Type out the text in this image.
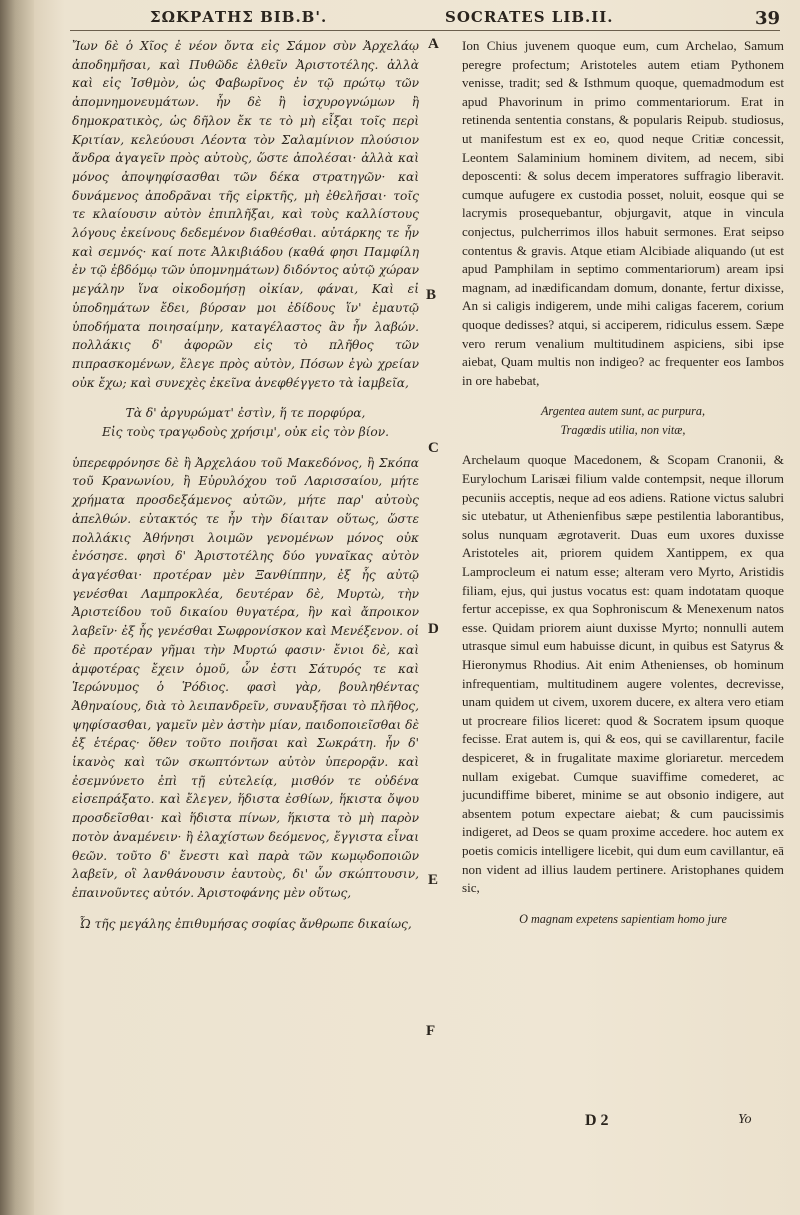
ΣΩΚΡΑΤΗΣ ΒΙΒ.Β'.	SOCRATES LIB.II.	39

Ἴων δὲ ὁ Χῖος ἐ νέον ὄντα εἰς Σάμον σὺν Ἀρχελάῳ ἀποδημῆσαι, καὶ Πυθῶδε ἐλθεῖν Ἀριστοτέλης. ἀλλὰ καὶ εἰς Ἰσθμὸν, ὡς Φαβωρῖνος ἐν τῷ πρώτῳ τῶν ἀπομνημονευμάτων. ἦν δὲ ἢ ἰσχυρογνώμων ἢ δημοκρατικὸς, ὡς δῆλον ἔκ τε τὸ μὴ εἶξαι τοῖς περὶ Κριτίαν, κελεύουσι Λέοντα τὸν Σαλαμίνιον πλούσιον ἄνδρα ἀγαγεῖν πρὸς αὐτοὺς, ὥστε ἀπολέσαι· ἀλλὰ καὶ μόνος ἀποψηφίσασθαι τῶν δέκα στρατηγῶν· καὶ δυνάμενος ἀποδρᾶναι τῆς εἱρκτῆς, μὴ ἐθελῆσαι· τοῖς τε κλαίουσιν αὐτὸν ἐπιπλῆξαι, καὶ τοὺς καλλίστους λόγους ἐκείνους δεδεμένον διαθέσθαι. αὐτάρκης τε ἦν καὶ σεμνός· καί ποτε Ἀλκιβιάδου (καθά φησι Παμφίλη ἐν τῷ ἑβδόμῳ τῶν ὑπομνημάτων) διδόντος αὐτῷ χώραν μεγάλην ἵνα οἰκοδομήσῃ οἰκίαν, φάναι, Καὶ εἰ ὑποδημάτων ἔδει, βύρσαν μοι ἐδίδους ἵν' ἐμαυτῷ ὑποδήματα ποιησαίμην, καταγέλαστος ἂν ἦν λαβών. πολλάκις δ' ἀφορῶν εἰς τὸ πλῆθος τῶν πιπρασκομένων, ἔλεγε πρὸς αὐτὸν, Πόσων ἐγὼ χρείαν οὐκ ἔχω; καὶ συνεχὲς ἐκεῖνα ἀνεφθέγγετο τὰ ἰαμβεῖα,

Τὰ δ' ἀργυρώματ' ἐστὶν, ἥ τε πορφύρα,

Εἰς τοὺς τραγῳδοὺς χρήσιμ', οὐκ εἰς τὸν βίον.

ὑπερεφρόνησε δὲ ἢ Ἀρχελάου τοῦ Μακεδόνος, ἢ Σκόπα τοῦ Κρανωνίου, ἢ Εὐρυλόχου τοῦ Λαρισσαίου, μήτε χρήματα προσδεξάμενος αὐτῶν, μήτε παρ' αὐτοὺς ἀπελθών. εὐτακτός τε ἦν τὴν δίαιταν οὕτως, ὥστε πολλάκις Ἀθήνησι λοιμῶν γενομένων μόνος οὐκ ἐνόσησε. φησὶ δ' Ἀριστοτέλης δύο γυναῖκας αὐτὸν ἀγαγέσθαι· προτέραν μὲν Ξανθίππην, ἐξ ἧς αὐτῷ γενέσθαι Λαμπροκλέα, δευτέραν δὲ, Μυρτὼ, τὴν Ἀριστείδου τοῦ δικαίου θυγατέρα, ἣν καὶ ἄπροικον λαβεῖν· ἐξ ἧς γενέσθαι Σωφρονίσκον καὶ Μενέξενον. οἱ δὲ προτέραν γῆμαι τὴν Μυρτώ φασιν· ἔνιοι δὲ, καὶ ἀμφοτέρας ἔχειν ὁμοῦ, ὧν ἐστι Σάτυρός τε καὶ Ἱερώνυμος ὁ Ῥόδιος. φασὶ γὰρ, βουληθέντας Ἀθηναίους, διὰ τὸ λειπανδρεῖν, συναυξῆσαι τὸ πλῆθος, ψηφίσασθαι, γαμεῖν μὲν ἀστὴν μίαν, παιδοποιεῖσθαι δὲ ἐξ ἑτέρας· ὅθεν τοῦτο ποιῆσαι καὶ Σωκράτη. ἦν δ' ἱκανὸς καὶ τῶν σκωπτόντων αὐτὸν ὑπερορᾷν. καὶ ἐσεμνύνετο ἐπὶ τῇ εὐτελείᾳ, μισθόν τε οὐδένα εἰσεπράξατο. καὶ ἔλεγεν, ἥδιστα ἐσθίων, ἥκιστα ὄψου προσδεῖσθαι· καὶ ἥδιστα πίνων, ἥκιστα τὸ μὴ παρὸν ποτὸν ἀναμένειν· ἢ ἐλαχίστων δεόμενος, ἔγγιστα εἶναι θεῶν. τοῦτο δ' ἔνεστι καὶ παρὰ τῶν κωμῳδοποιῶν λαβεῖν, οἳ λανθάνουσιν ἑαυτοὺς, δι' ὧν σκώπτουσιν, ἐπαινοῦντες αὐτόν. Ἀριστοφάνης μὲν οὕτως,

Ὦ τῆς μεγάλης ἐπιθυμήσας σοφίας ἄνθρωπε δικαίως,

Ion Chius juvenem quoque eum, cum Archelao, Samum peregre profectum; Aristoteles autem etiam Pythonem venisse, tradit; sed & Isthmum quoque, quemadmodum est apud Phavorinum in primo commentariorum. Erat in retinenda sententia constans, & popularis Reipub. studiosus, ut manifestum est ex eo, quod neque Critiæ concessit, Leontem Salaminium hominem divitem, ad necem, sibi deposcenti: & solus decem imperatores suffragio liberavit. cumque aufugere ex custodia posset, noluit, eosque qui se lacrymis prosequebantur, objurgavit, atque in vincula conjectus, pulcherrimos illos habuit sermones. Erat seipso contentus & gravis. Atque etiam Alcibiade aliquando (ut est apud Pamphilam in septimo commentariorum) aream ipsi magnam, ad inædificandam domum, donante, fertur dixisse, An si caligis indigerem, unde mihi caligas facerem, corium quoque dedisses? atqui, si acciperem, ridiculus essem. Sæpe vero rerum venalium multitudinem aspiciens, sibi ipse aiebat, Quam multis non indigeo? ac frequenter eos Iambos in ore habebat,

Argentea autem sunt, ac purpura,

Tragœdis utilia, non vitæ,

Archelaum quoque Macedonem, & Scopam Cranonii, & Eurylochum Larisæi filium valde contempsit, neque illorum pecuniis acceptis, neque ad eos adiens. Ratione victus salubri sic utebatur, ut Athenienfibus sæpe pestilentia laborantibus, solus nunquam ægrotaverit. Duas eum uxores duxisse Aristoteles ait, priorem quidem Xantippem, ex qua Lamprocleum ei natum esse; alteram vero Myrto, Aristidis filiam, ejus, qui justus vocatus est: quam indotatam quoque fertur accepisse, ex qua Sophroniscum & Menexenum natos esse. Quidam priorem aiunt duxisse Myrto; nonnulli autem utrasque simul eum habuisse dicunt, in quibus est Satyrus & Hieronymus Rhodius. Ait enim Athenienses, ob hominum infrequentiam, multitudinem augere volentes, decrevisse, unam quidem ut civem, uxorem ducere, ex altera vero etiam ut procreare filios liceret: quod & Socratem ipsum quoque fecisse. Erat autem is, qui & eos, qui se cavillarentur, facile despiceret, & in frugalitate maxime gloriaretur. mercedem nullam exigebat. Cumque suaviffime comederet, ac jucundiffime biberet, minime se aut obsonio indigere, aut absentem potum expectare aiebat; & cum paucissimis indigeret, ad Deos se quam proxime accedere. hoc autem ex poetis comicis intelligere licebit, qui dum eum cavillantur, eā non vident ad illius laudem pertinere. Aristophanes quidem sic,

O magnam expetens sapientiam homo jure

A
B
C
D
E
F
D 2	Yo
